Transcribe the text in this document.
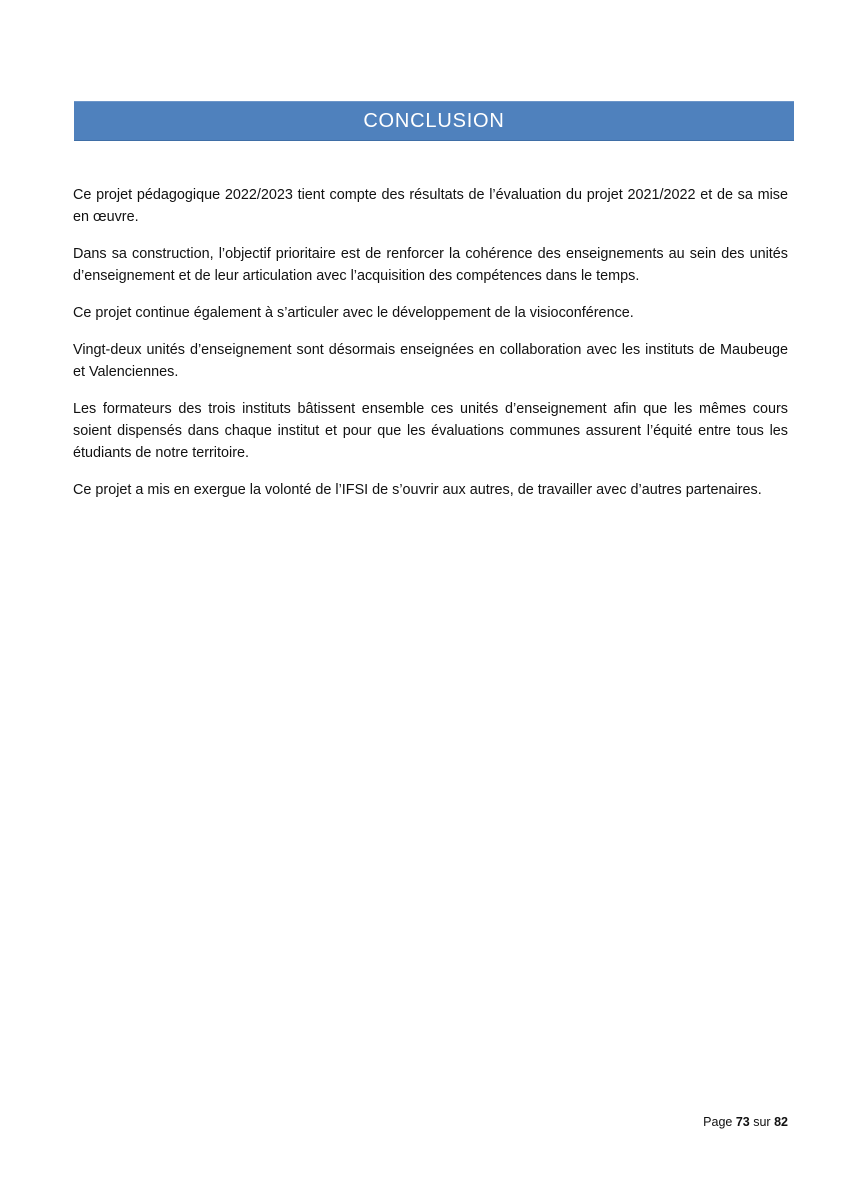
CONCLUSION

Ce projet pédagogique 2022/2023 tient compte des résultats de l’évaluation du projet 2021/2022 et de sa mise en œuvre.

Dans sa construction, l’objectif prioritaire est de renforcer la cohérence des enseignements au sein des unités d’enseignement et de leur articulation avec l’acquisition des compétences dans le temps.

Ce projet continue également à s’articuler avec le développement de la visioconférence.

Vingt-deux unités d’enseignement sont désormais enseignées en collaboration avec les instituts de Maubeuge et Valenciennes.

Les formateurs des trois instituts bâtissent ensemble ces unités d’enseignement afin que les mêmes cours soient dispensés dans chaque institut et pour que les évaluations communes assurent l’équité entre tous les étudiants de notre territoire.

Ce projet a mis en exergue la volonté de l’IFSI de s’ouvrir aux autres, de travailler avec d’autres partenaires.

Page 73 sur 82
